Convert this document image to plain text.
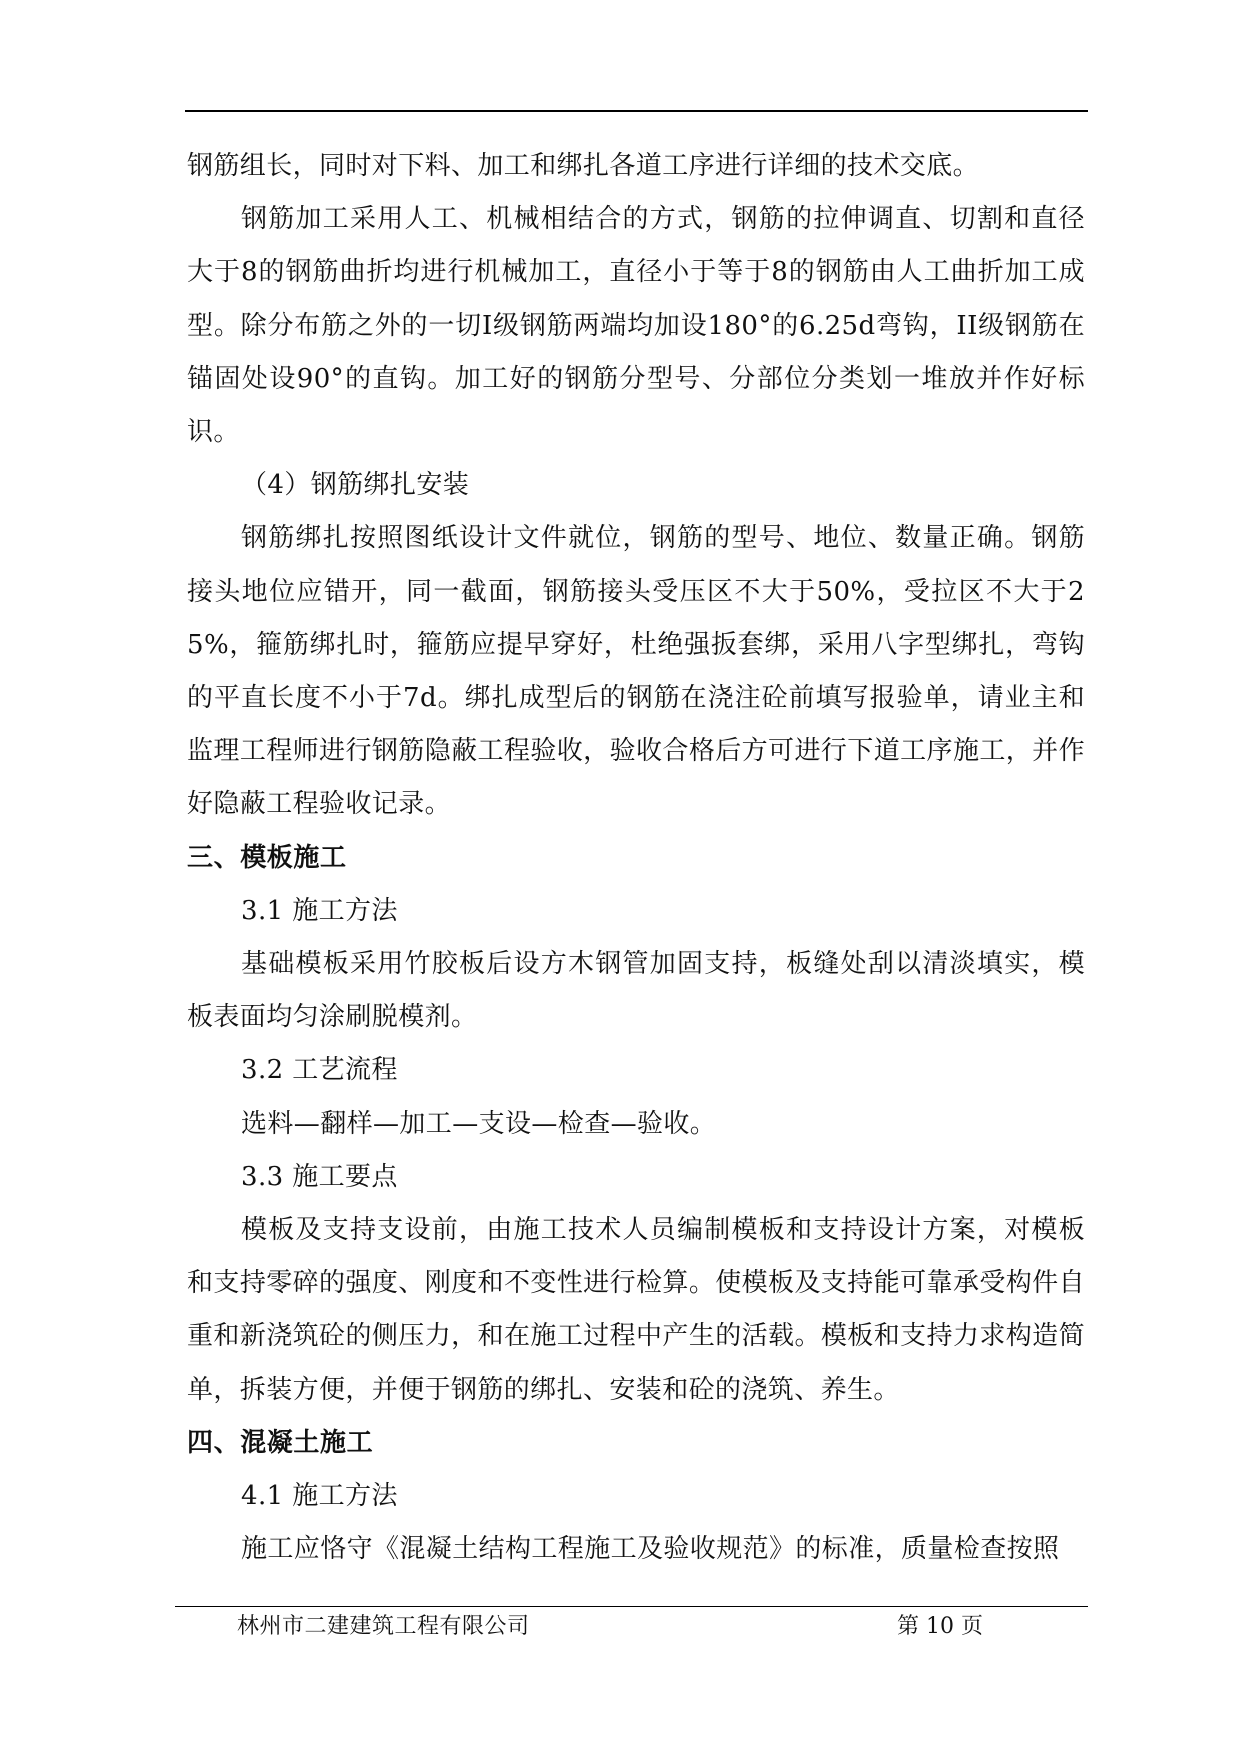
钢筋组长，同时对下料、加工和绑扎各道工序进行详细的技术交底。

钢筋加工采用人工、机械相结合的方式，钢筋的拉伸调直、切割和直径大于8的钢筋曲折均进行机械加工，直径小于等于8的钢筋由人工曲折加工成型。除分布筋之外的一切Ⅰ级钢筋两端均加设180°的6.25d弯钩，II级钢筋在锚固处设90°的直钩。加工好的钢筋分型号、分部位分类划一堆放并作好标识。

（4）钢筋绑扎安装

钢筋绑扎按照图纸设计文件就位，钢筋的型号、地位、数量正确。钢筋接头地位应错开，同一截面，钢筋接头受压区不大于50%，受拉区不大于25%，箍筋绑扎时，箍筋应提早穿好，杜绝强扳套绑，采用八字型绑扎，弯钩的平直长度不小于7d。绑扎成型后的钢筋在浇注砼前填写报验单，请业主和监理工程师进行钢筋隐蔽工程验收，验收合格后方可进行下道工序施工，并作好隐蔽工程验收记录。

三、模板施工

3.1 施工方法

基础模板采用竹胶板后设方木钢管加固支持，板缝处刮以清淡填实，模板表面均匀涂刷脱模剂。

3.2 工艺流程

选料—翻样—加工—支设—检查—验收。

3.3 施工要点

模板及支持支设前，由施工技术人员编制模板和支持设计方案，对模板和支持零碎的强度、刚度和不变性进行检算。使模板及支持能可靠承受构件自重和新浇筑砼的侧压力，和在施工过程中产生的活载。模板和支持力求构造简单，拆装方便，并便于钢筋的绑扎、安装和砼的浇筑、养生。

四、混凝土施工

4.1 施工方法

施工应恪守《混凝土结构工程施工及验收规范》的标准，质量检查按照

林州市二建建筑工程有限公司	第 10 页
